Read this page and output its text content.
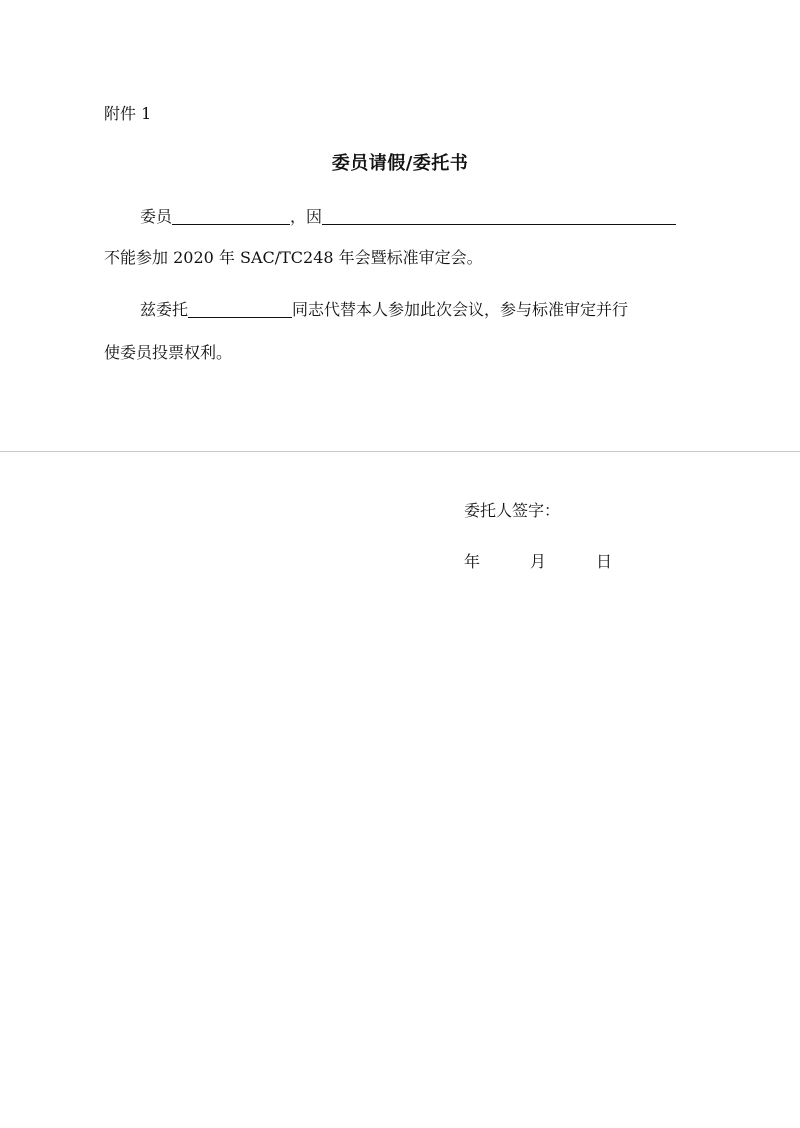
附件 1
委员请假/委托书
委员	，因
不能参加 2020 年 SAC/TC248 年会暨标准审定会。
兹委托	同志代替本人参加此次会议，参与标准审定并行
使委员投票权利。
委托人签字：
年	月	日
